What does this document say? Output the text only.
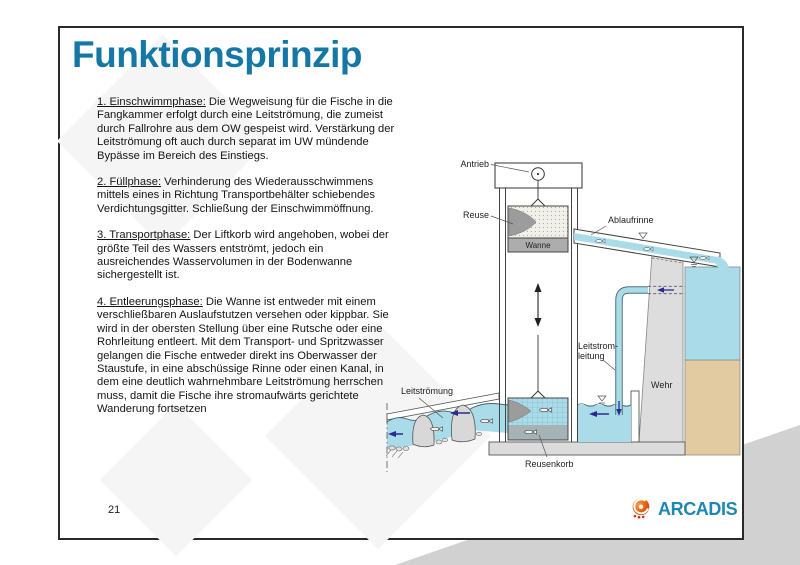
Funktionsprinzip

1. Einschwimmphase: Die Wegweisung für die Fische in die Fangkammer erfolgt durch eine Leitströmung, die zumeist durch Fallrohre aus dem OW gespeist wird. Verstärkung der Leitströmung oft auch durch separat im UW mündende Bypässe im Bereich des Einstiegs.

2. Füllphase: Verhinderung des Wiederausschwimmens mittels eines in Richtung Transportbehälter schiebendes Verdichtungsgitter. Schließung der Einschwimmöffnung.

3. Transportphase: Der Liftkorb wird angehoben, wobei der größte Teil des Wassers entströmt, jedoch ein ausreichendes Wasservolumen in der Bodenwanne sichergestellt ist.

4. Entleerungsphase: Die Wanne ist entweder mit einem verschließbaren Auslaufstutzen versehen oder kippbar. Sie wird in der obersten Stellung über eine Rutsche oder eine Rohrleitung entleert. Mit dem Transport- und Spritzwasser gelangen die Fische entweder direkt ins Oberwasser der Staustufe, in eine abschüssige Rinne oder einen Kanal, in dem eine deutlich wahrnehmbare Leitströmung herrschen muss, damit die Fische ihre stromaufwärts gerichtete Wanderung fortsetzen

21
Wanne
Antrieb
Reuse	Ablaufrinne
Leitstrom-
leitung
Wehr
Leitströmung
Reusenkorb
ARCADIS
